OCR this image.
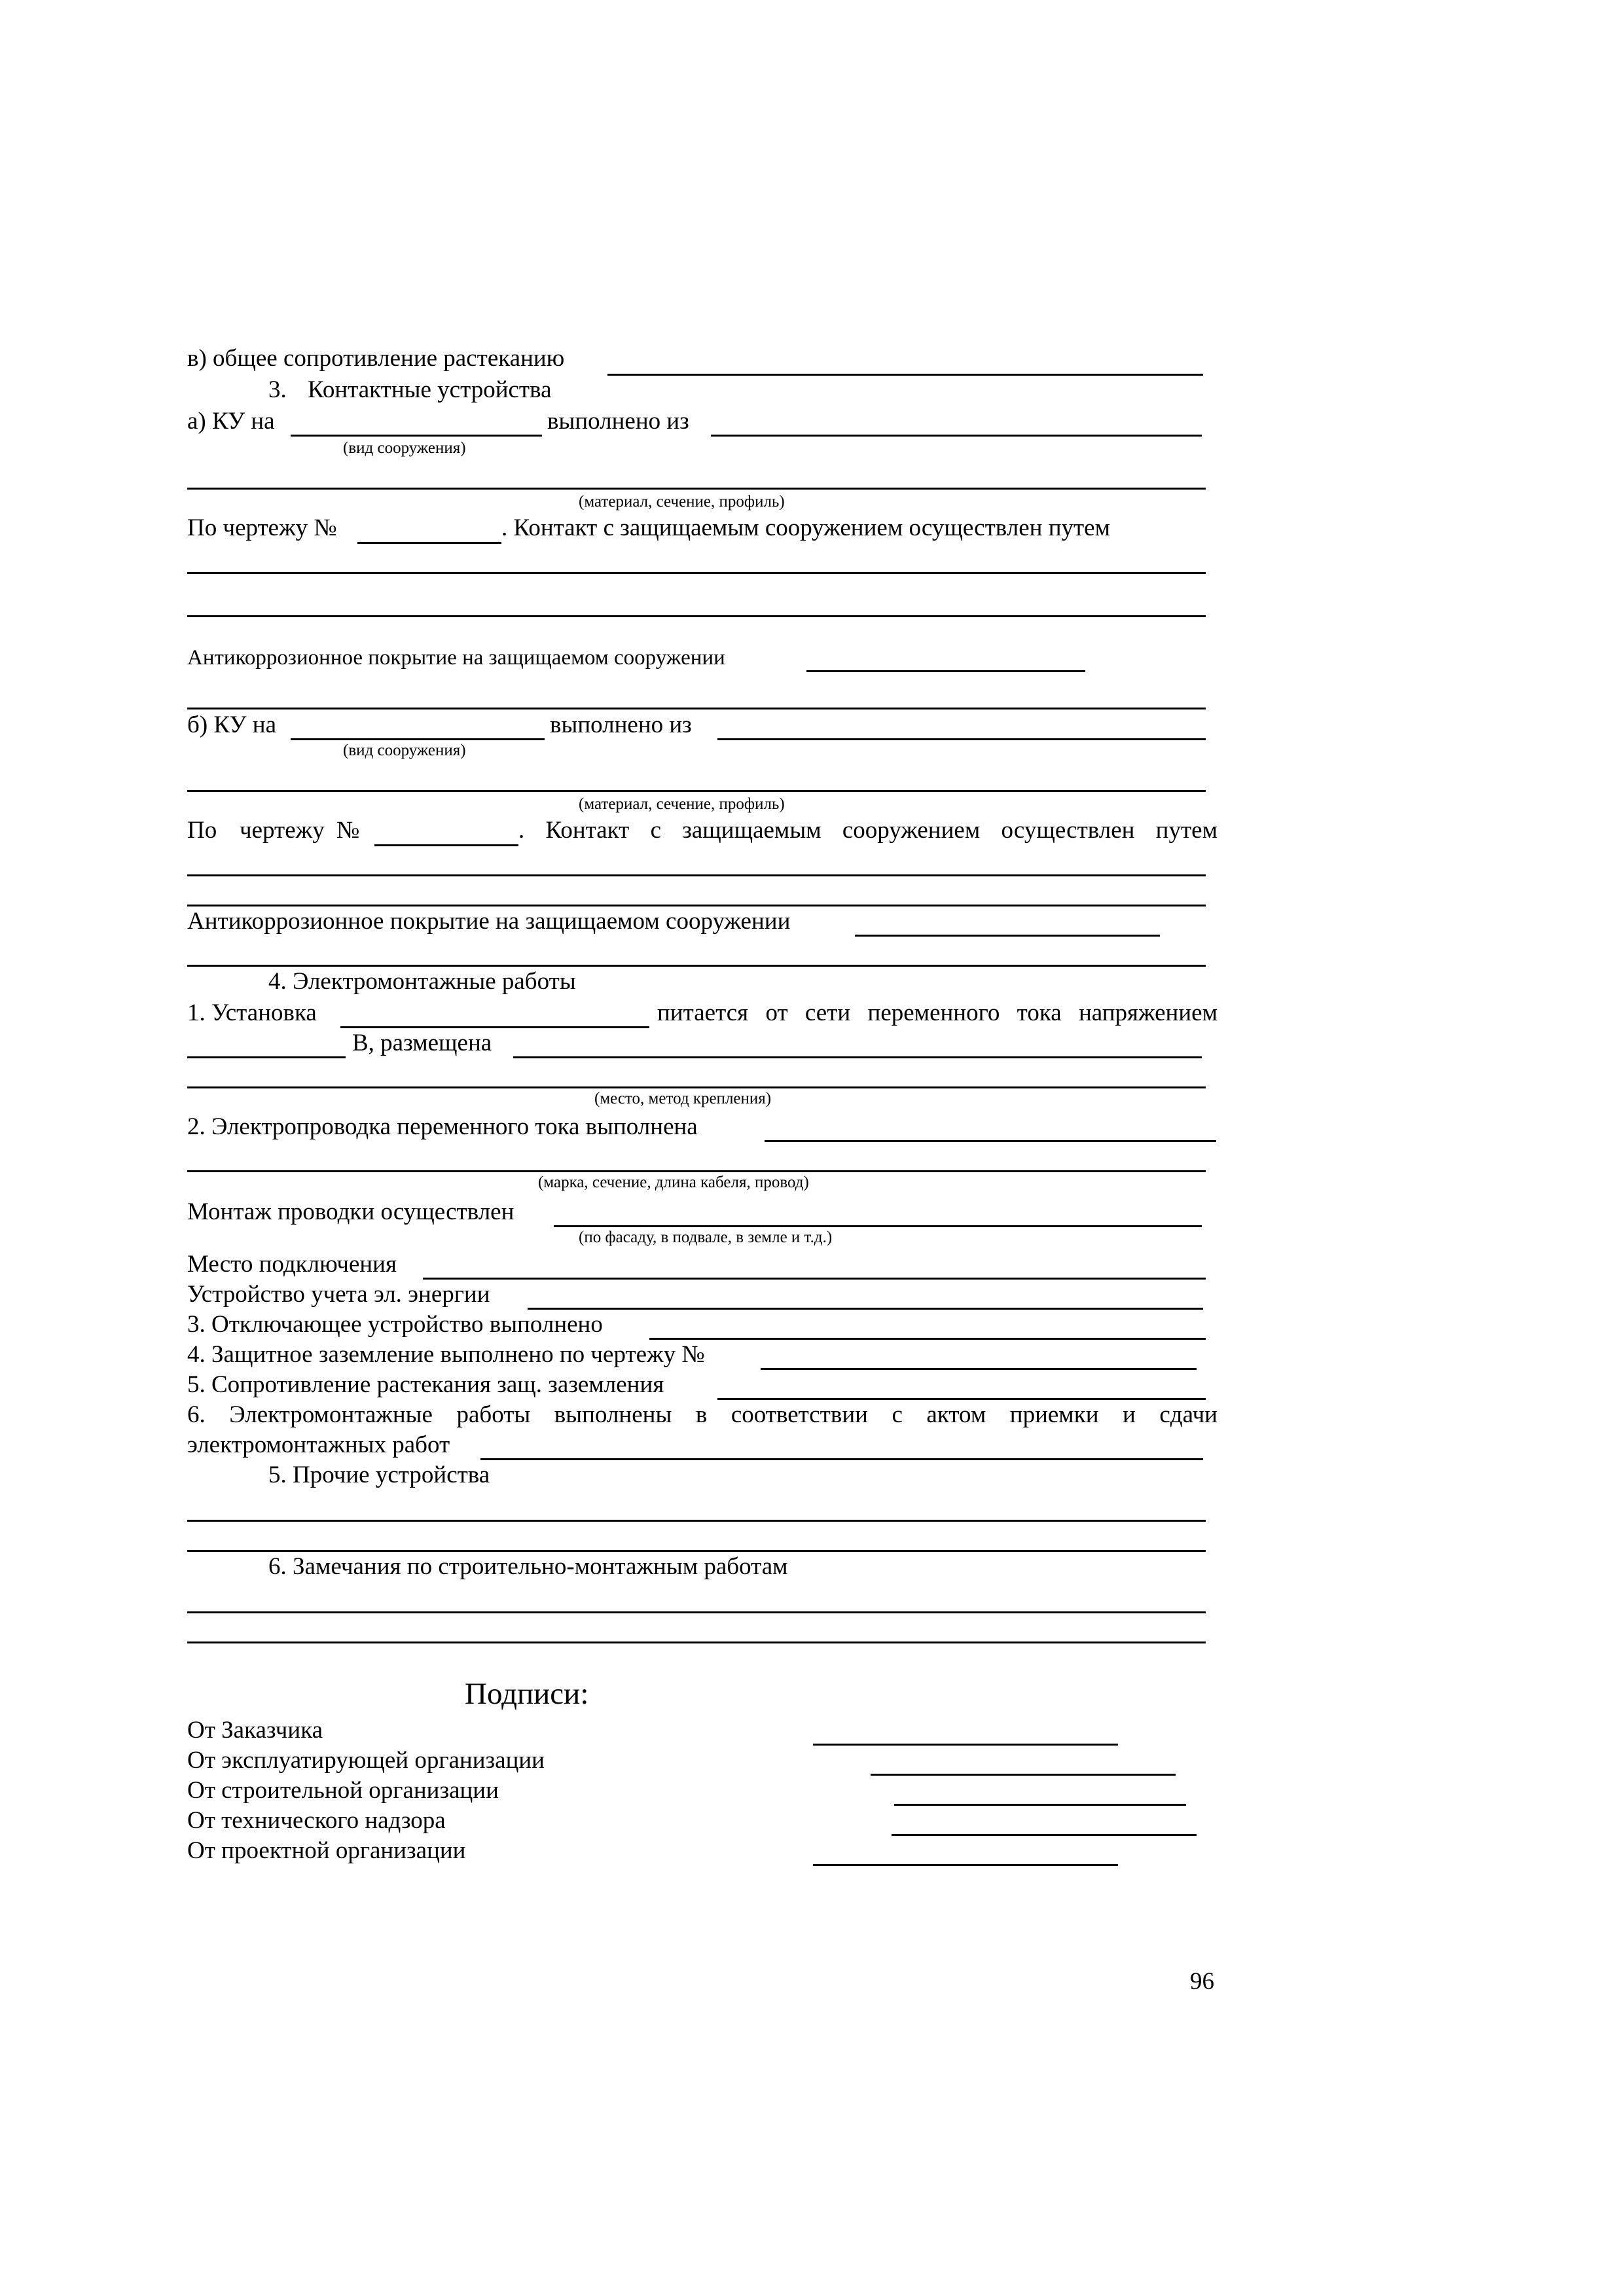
в) общее сопротивление растеканию
3. Контактные устройства
а) КУ на	выполнено из
(вид сооружения)
(материал, сечение, профиль)
По чертежу №	. Контакт с защищаемым сооружением осуществлен путем
Антикоррозионное покрытие на защищаемом сооружении
б) КУ на	выполнено из
(вид сооружения)
(материал, сечение, профиль)
По чертежу №	. Контакт с защищаемым сооружением осуществлен путем
Антикоррозионное покрытие на защищаемом сооружении
4. Электромонтажные работы
1. Установка	питается от сети переменного тока напряжением
В, размещена
(место, метод крепления)
2. Электропроводка переменного тока выполнена
(марка, сечение, длина кабеля, провод)
Монтаж проводки осуществлен
(по фасаду, в подвале, в земле и т.д.)
Место подключения
Устройство учета эл. энергии
3. Отключающее устройство выполнено
4. Защитное заземление выполнено по чертежу №
5. Сопротивление растекания защ. заземления
6. Электромонтажные работы выполнены в соответствии с актом приемки и сдачи
электромонтажных работ
5. Прочие устройства
6. Замечания по строительно-монтажным работам
Подписи:
От Заказчика
От эксплуатирующей организации
От строительной организации
От технического надзора
От проектной организации
96
